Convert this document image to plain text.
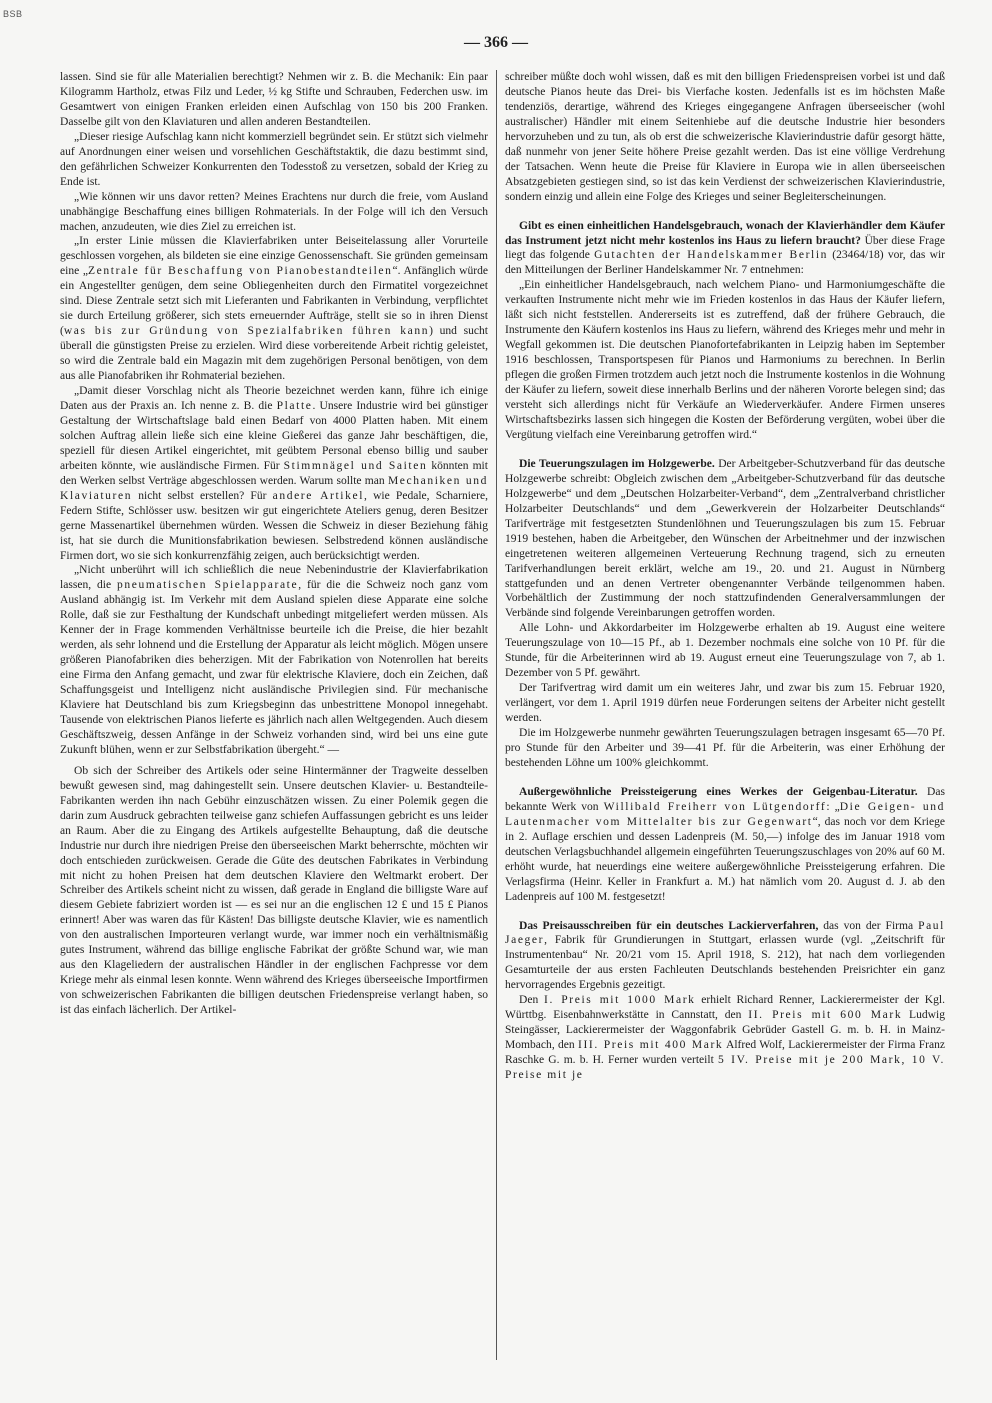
BSB
— 366 —

lassen. Sind sie für alle Materialien berechtigt? Nehmen wir z. B. die Mechanik: Ein paar Kilogramm Hartholz, etwas Filz und Leder, ½ kg Stifte und Schrauben, Federchen usw. im Gesamtwert von einigen Franken erleiden einen Aufschlag von 150 bis 200 Franken. Dasselbe gilt von den Klaviaturen und allen anderen Bestandteilen.

„Dieser riesige Aufschlag kann nicht kommerziell begründet sein. Er stützt sich vielmehr auf Anordnungen einer weisen und vorsehlichen Geschäftstaktik, die dazu bestimmt sind, den gefährlichen Schweizer Konkurrenten den Todesstoß zu versetzen, sobald der Krieg zu Ende ist.

„Wie können wir uns davor retten? Meines Erachtens nur durch die freie, vom Ausland unabhängige Beschaffung eines billigen Rohmaterials. In der Folge will ich den Versuch machen, anzudeuten, wie dies Ziel zu erreichen ist.

„In erster Linie müssen die Klavierfabriken unter Beiseitelassung aller Vorurteile geschlossen vorgehen, als bildeten sie eine einzige Genossenschaft. Sie gründen gemeinsam eine „Zentrale für Beschaffung von Pianobestandteilen“. Anfänglich würde ein Angestellter genügen, dem seine Obliegenheiten durch den Firmatitel vorgezeichnet sind. Diese Zentrale setzt sich mit Lieferanten und Fabrikanten in Verbindung, verpflichtet sie durch Erteilung größerer, sich stets erneuernder Aufträge, stellt sie so in ihren Dienst (was bis zur Gründung von Spezialfabriken führen kann) und sucht überall die günstigsten Preise zu erzielen. Wird diese vorbereitende Arbeit richtig geleistet, so wird die Zentrale bald ein Magazin mit dem zugehörigen Personal benötigen, von dem aus alle Pianofabriken ihr Rohmaterial beziehen.

„Damit dieser Vorschlag nicht als Theorie bezeichnet werden kann, führe ich einige Daten aus der Praxis an. Ich nenne z. B. die Platte. Unsere Industrie wird bei günstiger Gestaltung der Wirtschaftslage bald einen Bedarf von 4000 Platten haben. Mit einem solchen Auftrag allein ließe sich eine kleine Gießerei das ganze Jahr beschäftigen, die, speziell für diesen Artikel eingerichtet, mit geübtem Personal ebenso billig und sauber arbeiten könnte, wie ausländische Firmen. Für Stimmnägel und Saiten könnten mit den Werken selbst Verträge abgeschlossen werden. Warum sollte man Mechaniken und Klaviaturen nicht selbst erstellen? Für andere Artikel, wie Pedale, Scharniere, Federn Stifte, Schlösser usw. besitzen wir gut eingerichtete Ateliers genug, deren Besitzer gerne Massenartikel übernehmen würden. Wessen die Schweiz in dieser Beziehung fähig ist, hat sie durch die Munitionsfabrikation bewiesen. Selbstredend können ausländische Firmen dort, wo sie sich konkurrenzfähig zeigen, auch berücksichtigt werden.

„Nicht unberührt will ich schließlich die neue Nebenindustrie der Klavierfabrikation lassen, die pneumatischen Spielapparate, für die die Schweiz noch ganz vom Ausland abhängig ist. Im Verkehr mit dem Ausland spielen diese Apparate eine solche Rolle, daß sie zur Festhaltung der Kundschaft unbedingt mitgeliefert werden müssen. Als Kenner der in Frage kommenden Verhältnisse beurteile ich die Preise, die hier bezahlt werden, als sehr lohnend und die Erstellung der Apparatur als leicht möglich. Mögen unsere größeren Pianofabriken dies beherzigen. Mit der Fabrikation von Notenrollen hat bereits eine Firma den Anfang gemacht, und zwar für elektrische Klaviere, doch ein Zeichen, daß Schaffungsgeist und Intelligenz nicht ausländische Privilegien sind. Für mechanische Klaviere hat Deutschland bis zum Kriegsbeginn das unbestrittene Monopol innegehabt. Tausende von elektrischen Pianos lieferte es jährlich nach allen Weltgegenden. Auch diesem Geschäftszweig, dessen Anfänge in der Schweiz vorhanden sind, wird bei uns eine gute Zukunft blühen, wenn er zur Selbstfabrikation übergeht.“ —

Ob sich der Schreiber des Artikels oder seine Hintermänner der Tragweite desselben bewußt gewesen sind, mag dahingestellt sein. Unsere deutschen Klavier- u. Bestandteile-Fabrikanten werden ihn nach Gebühr einzuschätzen wissen. Zu einer Polemik gegen die darin zum Ausdruck gebrachten teilweise ganz schiefen Auffassungen gebricht es uns leider an Raum. Aber die zu Eingang des Artikels aufgestellte Behauptung, daß die deutsche Industrie nur durch ihre niedrigen Preise den überseeischen Markt beherrschte, möchten wir doch entschieden zurückweisen. Gerade die Güte des deutschen Fabrikates in Verbindung mit nicht zu hohen Preisen hat dem deutschen Klaviere den Weltmarkt erobert. Der Schreiber des Artikels scheint nicht zu wissen, daß gerade in England die billigste Ware auf diesem Gebiete fabriziert worden ist — es sei nur an die englischen 12 £ und 15 £ Pianos erinnert! Aber was waren das für Kästen! Das billigste deutsche Klavier, wie es namentlich von den australischen Importeuren verlangt wurde, war immer noch ein verhältnismäßig gutes Instrument, während das billige englische Fabrikat der größte Schund war, wie man aus den Klageliedern der australischen Händler in der englischen Fachpresse vor dem Kriege mehr als einmal lesen konnte. Wenn während des Krieges überseeische Importfirmen von schweizerischen Fabrikanten die billigen deutschen Friedenspreise verlangt haben, so ist das einfach lächerlich. Der Artikel-

schreiber müßte doch wohl wissen, daß es mit den billigen Friedenspreisen vorbei ist und daß deutsche Pianos heute das Drei- bis Vierfache kosten. Jedenfalls ist es im höchsten Maße tendenziös, derartige, während des Krieges eingegangene Anfragen überseeischer (wohl australischer) Händler mit einem Seitenhiebe auf die deutsche Industrie hier besonders hervorzuheben und zu tun, als ob erst die schweizerische Klavierindustrie dafür gesorgt hätte, daß nunmehr von jener Seite höhere Preise gezahlt werden. Das ist eine völlige Verdrehung der Tatsachen. Wenn heute die Preise für Klaviere in Europa wie in allen überseeischen Absatzgebieten gestiegen sind, so ist das kein Verdienst der schweizerischen Klavierindustrie, sondern einzig und allein eine Folge des Krieges und seiner Begleiterscheinungen.

Gibt es einen einheitlichen Handelsgebrauch, wonach der Klavierhändler dem Käufer das Instrument jetzt nicht mehr kostenlos ins Haus zu liefern braucht? Über diese Frage liegt das folgende Gutachten der Handelskammer Berlin (23464/18) vor, das wir den Mitteilungen der Berliner Handelskammer Nr. 7 entnehmen:

„Ein einheitlicher Handelsgebrauch, nach welchem Piano- und Harmoniumgeschäfte die verkauften Instrumente nicht mehr wie im Frieden kostenlos in das Haus der Käufer liefern, läßt sich nicht feststellen. Andererseits ist es zutreffend, daß der frühere Gebrauch, die Instrumente den Käufern kostenlos ins Haus zu liefern, während des Krieges mehr und mehr in Wegfall gekommen ist. Die deutschen Pianofortefabrikanten in Leipzig haben im September 1916 beschlossen, Transportspesen für Pianos und Harmoniums zu berechnen. In Berlin pflegen die großen Firmen trotzdem auch jetzt noch die Instrumente kostenlos in die Wohnung der Käufer zu liefern, soweit diese innerhalb Berlins und der näheren Vororte belegen sind; das versteht sich allerdings nicht für Verkäufe an Wiederverkäufer. Andere Firmen unseres Wirtschaftsbezirks lassen sich hingegen die Kosten der Beförderung vergüten, wobei über die Vergütung vielfach eine Vereinbarung getroffen wird.“

Die Teuerungszulagen im Holzgewerbe. Der Arbeitgeber-Schutzverband für das deutsche Holzgewerbe schreibt: Obgleich zwischen dem „Arbeitgeber-Schutzverband für das deutsche Holzgewerbe“ und dem „Deutschen Holzarbeiter-Verband“, dem „Zentralverband christlicher Holzarbeiter Deutschlands“ und dem „Gewerkverein der Holzarbeiter Deutschlands“ Tarifverträge mit festgesetzten Stundenlöhnen und Teuerungszulagen bis zum 15. Februar 1919 bestehen, haben die Arbeitgeber, den Wünschen der Arbeitnehmer und der inzwischen eingetretenen weiteren allgemeinen Verteuerung Rechnung tragend, sich zu erneuten Tarifverhandlungen bereit erklärt, welche am 19., 20. und 21. August in Nürnberg stattgefunden und an denen Vertreter obengenannter Verbände teilgenommen haben. Vorbehältlich der Zustimmung der noch stattzufindenden Generalversammlungen der Verbände sind folgende Vereinbarungen getroffen worden.

Alle Lohn- und Akkordarbeiter im Holzgewerbe erhalten ab 19. August eine weitere Teuerungszulage von 10—15 Pf., ab 1. Dezember nochmals eine solche von 10 Pf. für die Stunde, für die Arbeiterinnen wird ab 19. August erneut eine Teuerungszulage von 7, ab 1. Dezember von 5 Pf. gewährt.

Der Tarifvertrag wird damit um ein weiteres Jahr, und zwar bis zum 15. Februar 1920, verlängert, vor dem 1. April 1919 dürfen neue Forderungen seitens der Arbeiter nicht gestellt werden.

Die im Holzgewerbe nunmehr gewährten Teuerungszulagen betragen insgesamt 65—70 Pf. pro Stunde für den Arbeiter und 39—41 Pf. für die Arbeiterin, was einer Erhöhung der bestehenden Löhne um 100% gleichkommt.

Außergewöhnliche Preissteigerung eines Werkes der Geigenbau-Literatur. Das bekannte Werk von Willibald Freiherr von Lütgendorff: „Die Geigen- und Lautenmacher vom Mittelalter bis zur Gegenwart“, das noch vor dem Kriege in 2. Auflage erschien und dessen Ladenpreis (M. 50,—) infolge des im Januar 1918 vom deutschen Verlagsbuchhandel allgemein eingeführten Teuerungszuschlages von 20% auf 60 M. erhöht wurde, hat neuerdings eine weitere außergewöhnliche Preissteigerung erfahren. Die Verlagsfirma (Heinr. Keller in Frankfurt a. M.) hat nämlich vom 20. August d. J. ab den Ladenpreis auf 100 M. festgesetzt!

Das Preisausschreiben für ein deutsches Lackierverfahren, das von der Firma Paul Jaeger, Fabrik für Grundierungen in Stuttgart, erlassen wurde (vgl. „Zeitschrift für Instrumentenbau“ Nr. 20/21 vom 15. April 1918, S. 212), hat nach dem vorliegenden Gesamturteile der aus ersten Fachleuten Deutschlands bestehenden Preisrichter ein ganz hervorragendes Ergebnis gezeitigt.

Den I. Preis mit 1000 Mark erhielt Richard Renner, Lackierermeister der Kgl. Württbg. Eisenbahnwerkstätte in Cannstatt, den II. Preis mit 600 Mark Ludwig Steingässer, Lackierermeister der Waggonfabrik Gebrüder Gastell G. m. b. H. in Mainz-Mombach, den III. Preis mit 400 Mark Alfred Wolf, Lackierermeister der Firma Franz Raschke G. m. b. H. Ferner wurden verteilt 5 IV. Preise mit je 200 Mark, 10 V. Preise mit je
